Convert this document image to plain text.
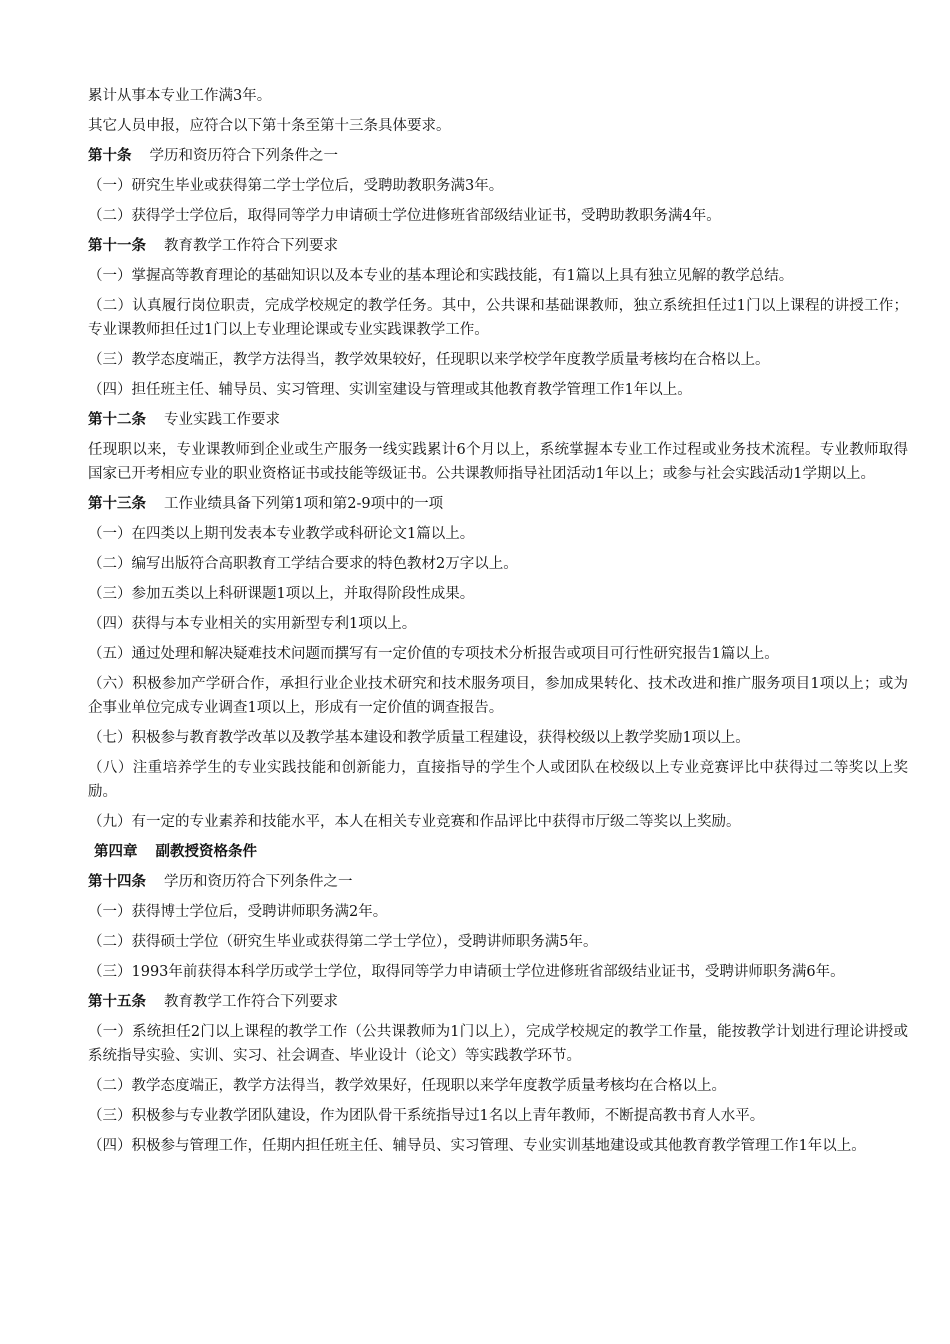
累计从事本专业工作满3年。

其它人员申报，应符合以下第十条至第十三条具体要求。

第十条 学历和资历符合下列条件之一

（一）研究生毕业或获得第二学士学位后，受聘助教职务满3年。

（二）获得学士学位后，取得同等学力申请硕士学位进修班省部级结业证书，受聘助教职务满4年。

第十一条 教育教学工作符合下列要求

（一）掌握高等教育理论的基础知识以及本专业的基本理论和实践技能，有1篇以上具有独立见解的教学总结。

（二）认真履行岗位职责，完成学校规定的教学任务。其中，公共课和基础课教师，独立系统担任过1门以上课程的讲授工作；专业课教师担任过1门以上专业理论课或专业实践课教学工作。

（三）教学态度端正，教学方法得当，教学效果较好，任现职以来学校学年度教学质量考核均在合格以上。

（四）担任班主任、辅导员、实习管理、实训室建设与管理或其他教育教学管理工作1年以上。

第十二条 专业实践工作要求

任现职以来，专业课教师到企业或生产服务一线实践累计6个月以上，系统掌握本专业工作过程或业务技术流程。专业教师取得国家已开考相应专业的职业资格证书或技能等级证书。公共课教师指导社团活动1年以上；或参与社会实践活动1学期以上。

第十三条 工作业绩具备下列第1项和第2-9项中的一项

（一）在四类以上期刊发表本专业教学或科研论文1篇以上。

（二）编写出版符合高职教育工学结合要求的特色教材2万字以上。

（三）参加五类以上科研课题1项以上，并取得阶段性成果。

（四）获得与本专业相关的实用新型专利1项以上。

（五）通过处理和解决疑难技术问题而撰写有一定价值的专项技术分析报告或项目可行性研究报告1篇以上。

（六）积极参加产学研合作，承担行业企业技术研究和技术服务项目，参加成果转化、技术改进和推广服务项目1项以上；或为企事业单位完成专业调查1项以上，形成有一定价值的调查报告。

（七）积极参与教育教学改革以及教学基本建设和教学质量工程建设，获得校级以上教学奖励1项以上。

（八）注重培养学生的专业实践技能和创新能力，直接指导的学生个人或团队在校级以上专业竞赛评比中获得过二等奖以上奖励。

（九）有一定的专业素养和技能水平，本人在相关专业竞赛和作品评比中获得市厅级二等奖以上奖励。

第四章 副教授资格条件

第十四条 学历和资历符合下列条件之一

（一）获得博士学位后，受聘讲师职务满2年。

（二）获得硕士学位（研究生毕业或获得第二学士学位），受聘讲师职务满5年。

（三）1993年前获得本科学历或学士学位，取得同等学力申请硕士学位进修班省部级结业证书，受聘讲师职务满6年。

第十五条 教育教学工作符合下列要求

（一）系统担任2门以上课程的教学工作（公共课教师为1门以上），完成学校规定的教学工作量，能按教学计划进行理论讲授或系统指导实验、实训、实习、社会调查、毕业设计（论文）等实践教学环节。

（二）教学态度端正，教学方法得当，教学效果好，任现职以来学年度教学质量考核均在合格以上。

（三）积极参与专业教学团队建设，作为团队骨干系统指导过1名以上青年教师，不断提高教书育人水平。

（四）积极参与管理工作，任期内担任班主任、辅导员、实习管理、专业实训基地建设或其他教育教学管理工作1年以上。
